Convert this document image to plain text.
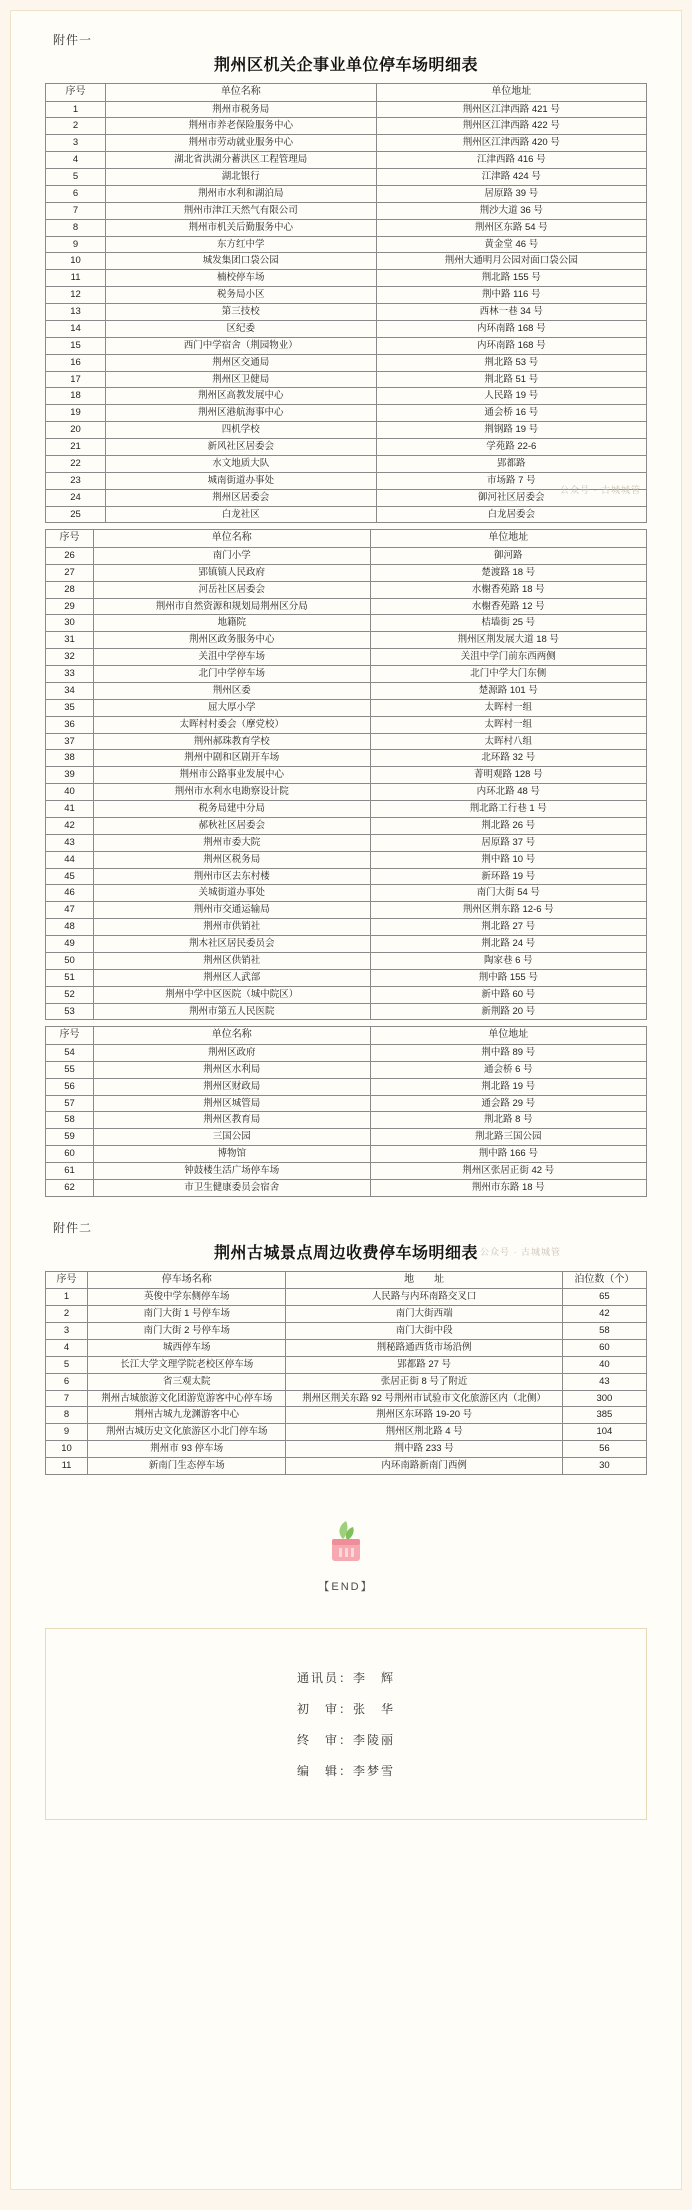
附件一
荆州区机关企事业单位停车场明细表
序号	单位名称	单位地址
1	荆州市税务局	荆州区江津西路 421 号
2	荆州市养老保险服务中心	荆州区江津西路 422 号
3	荆州市劳动就业服务中心	荆州区江津西路 420 号
4	湖北省洪湖分蓄洪区工程管理局	江津西路 416 号
5	湖北银行	江津路 424 号
6	荆州市水利和湖泊局	居原路 39 号
7	荆州市津江天然气有限公司	荆沙大道 36 号
8	荆州市机关后勤服务中心	荆州区东路 54 号
9	东方红中学	黄金堂 46 号
10	城发集团口袋公园	荆州大通明月公园对面口袋公园
11	楠校停车场	荆北路 155 号
12	税务局小区	荆中路 116 号
13	第三技校	西林一巷 34 号
14	区纪委	内环南路 168 号
15	西门中学宿舍（荆园物业）	内环南路 168 号
16	荆州区交通局	荆北路 53 号
17	荆州区卫健局	荆北路 51 号
18	荆州区高教发展中心	人民路 19 号
19	荆州区港航海事中心	通会桥 16 号
20	四机学校	荆钢路 19 号
21	新风社区居委会	学苑路 22-6
22	水文地质大队	郢都路
23	城南街道办事处	市场路 7 号
24	荆州区居委会	御河社区居委会
25	白龙社区	白龙居委会
公众号 · 古城城管
序号	单位名称	单位地址
26	南门小学	御河路
27	郢镇镇人民政府	楚渡路 18 号
28	河岳社区居委会	水榭香苑路 18 号
29	荆州市自然资源和规划局荆州区分局	水榭香苑路 12 号
30	地籍院	桔墙街 25 号
31	荆州区政务服务中心	荆州区荆发展大道 18 号
32	关沮中学停车场	关沮中学门前东西两侧
33	北门中学停车场	北门中学大门东侧
34	荆州区委	楚源路 101 号
35	屈大厚小学	太晖村一组
36	太晖村村委会（摩党校）	太晖村一组
37	荆州郝珠教育学校	太晖村八组
38	荆州中剧和区剧开车场	北环路 32 号
39	荆州市公路事业发展中心	菁明观路 128 号
40	荆州市水利水电勘察设计院	内环北路 48 号
41	税务局建中分局	荆北路工行巷 1 号
42	郝秋社区居委会	荆北路 26 号
43	荆州市委大院	居原路 37 号
44	荆州区税务局	荆中路 10 号
45	荆州市区去东村楼	新环路 19 号
46	关城街道办事处	南门大街 54 号
47	荆州市交通运输局	荆州区荆东路 12-6 号
48	荆州市供销社	荆北路 27 号
49	荆木社区居民委员会	荆北路 24 号
50	荆州区供销社	陶家巷 6 号
51	荆州区人武部	荆中路 155 号
52	荆州中学中区医院（城中院区）	新中路 60 号
53	荆州市第五人民医院	新荆路 20 号
公众号 · 古城城管
序号	单位名称	单位地址
54	荆州区政府	荆中路 89 号
55	荆州区水利局	通会桥 6 号
56	荆州区财政局	荆北路 19 号
57	荆州区城管局	通会路 29 号
58	荆州区教育局	荆北路 8 号
59	三国公园	荆北路三国公园
60	博物馆	荆中路 166 号
61	钟鼓楼生活广场停车场	荆州区张居正街 42 号
62	市卫生健康委员会宿舍	荆州市东路 18 号
附件二
荆州古城景点周边收费停车场明细表
序号	停车场名称	地　　址	泊位数（个）
1	英俊中学东侧停车场	人民路与内环南路交叉口	65
2	南门大街 1 号停车场	南门大街西端	42
3	南门大街 2 号停车场	南门大街中段	58
4	城西停车场	荆秘路通西货市场沿例	60
5	长江大学文理学院老校区停车场	郢都路 27 号	40
6	省三观太院	张居正街 8 号了附近	43
7	荆州古城旅游文化团游览游客中心停车场	荆州区荆关东路 92 号荆州市试验市文化旅游区内（北侧）	300
8	荆州古城九龙渊游客中心	荆州区东环路 19-20 号	385
9	荆州古城历史文化旅游区小北门停车场	荆州区荆北路 4 号	104
10	荆州市 93 停车场	荆中路 233 号	56
11	新南门生态停车场	内环南路新南门西例	30
【END】
通讯员：李　辉
初　审：张　华
终　审：李陵丽
编　辑：李梦雪
